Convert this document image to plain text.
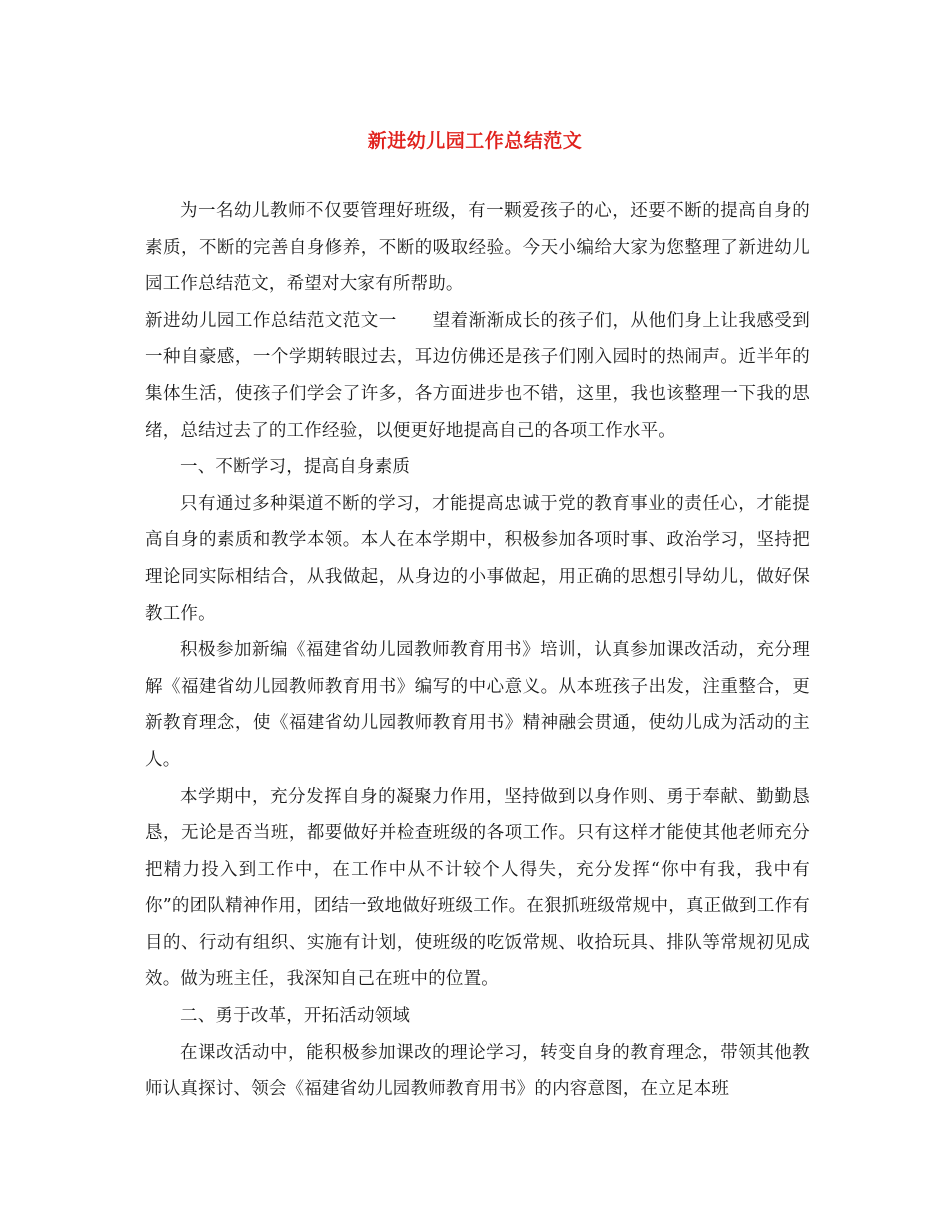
新进幼儿园工作总结范文

为一名幼儿教师不仅要管理好班级，有一颗爱孩子的心，还要不断的提高自身的素质，不断的完善自身修养，不断的吸取经验。今天小编给大家为您整理了新进幼儿园工作总结范文，希望对大家有所帮助。

新进幼儿园工作总结范文范文一　　望着渐渐成长的孩子们，从他们身上让我感受到一种自豪感，一个学期转眼过去，耳边仿佛还是孩子们刚入园时的热闹声。近半年的集体生活，使孩子们学会了许多，各方面进步也不错，这里，我也该整理一下我的思绪，总结过去了的工作经验，以便更好地提高自己的各项工作水平。

一、不断学习，提高自身素质

只有通过多种渠道不断的学习，才能提高忠诚于党的教育事业的责任心，才能提高自身的素质和教学本领。本人在本学期中，积极参加各项时事、政治学习，坚持把理论同实际相结合，从我做起，从身边的小事做起，用正确的思想引导幼儿，做好保教工作。

积极参加新编《福建省幼儿园教师教育用书》培训，认真参加课改活动，充分理解《福建省幼儿园教师教育用书》编写的中心意义。从本班孩子出发，注重整合，更新教育理念，使《福建省幼儿园教师教育用书》精神融会贯通，使幼儿成为活动的主人。

本学期中，充分发挥自身的凝聚力作用，坚持做到以身作则、勇于奉献、勤勤恳恳，无论是否当班，都要做好并检查班级的各项工作。只有这样才能使其他老师充分把精力投入到工作中，在工作中从不计较个人得失，充分发挥“你中有我，我中有你”的团队精神作用，团结一致地做好班级工作。在狠抓班级常规中，真正做到工作有目的、行动有组织、实施有计划，使班级的吃饭常规、收拾玩具、排队等常规初见成效。做为班主任，我深知自己在班中的位置。

二、勇于改革，开拓活动领域

在课改活动中，能积极参加课改的理论学习，转变自身的教育理念，带领其他教师认真探讨、领会《福建省幼儿园教师教育用书》的内容意图，在立足本班
